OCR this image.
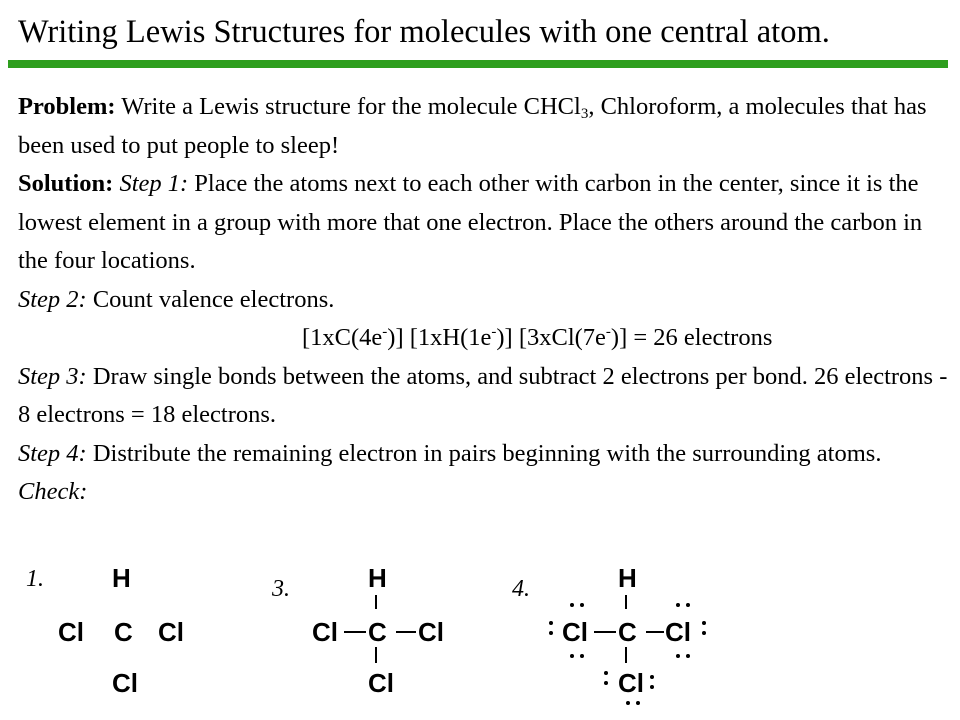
Writing Lewis Structures for molecules with one central atom.

Problem: Write a Lewis structure for the molecule CHCl$_3$, Chloroform, a molecules that has been used to put people to sleep!

Solution: Step 1: Place the atoms next to each other with carbon in the center, since it is the lowest element in a group with more that one electron. Place the others around the carbon in the four locations.

Step 2: Count valence electrons.

[1xC(4e-)] [1xH(1e-)] [3xCl(7e-)] = 26 electrons

Step 3: Draw single bonds between the atoms, and subtract 2 electrons per bond. 26 electrons - 8 electrons = 18 electrons.

Step 4: Distribute the remaining electron in pairs beginning with the surrounding atoms.

Check:

1.	H
Cl C Cl
Cl
3.	H
Cl C Cl
Cl
4.	H
Cl C Cl
Cl
